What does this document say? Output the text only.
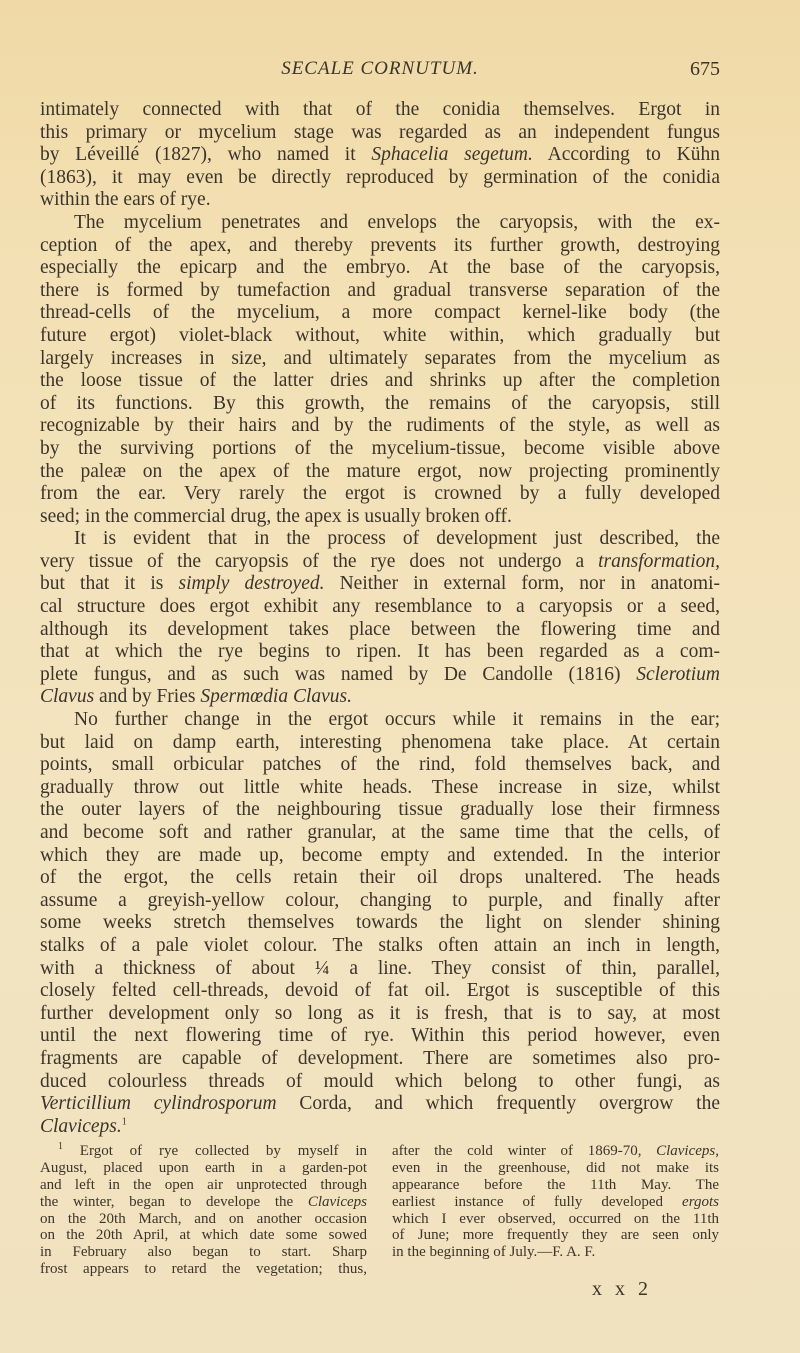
SECALE CORNUTUM.	675
intimately connected with that of the conidia themselves. Ergot in
this primary or mycelium stage was regarded as an independent fungus
by Léveillé (1827), who named it Sphacelia segetum. According to Kühn
(1863), it may even be directly reproduced by germination of the conidia
within the ears of rye.
The mycelium penetrates and envelops the caryopsis, with the ex-
ception of the apex, and thereby prevents its further growth, destroying
especially the epicarp and the embryo. At the base of the caryopsis,
there is formed by tumefaction and gradual transverse separation of the
thread-cells of the mycelium, a more compact kernel-like body (the
future ergot) violet-black without, white within, which gradually but
largely increases in size, and ultimately separates from the mycelium as
the loose tissue of the latter dries and shrinks up after the completion
of its functions. By this growth, the remains of the caryopsis, still
recognizable by their hairs and by the rudiments of the style, as well as
by the surviving portions of the mycelium-tissue, become visible above
the paleæ on the apex of the mature ergot, now projecting prominently
from the ear. Very rarely the ergot is crowned by a fully developed
seed; in the commercial drug, the apex is usually broken off.
It is evident that in the process of development just described, the
very tissue of the caryopsis of the rye does not undergo a transformation,
but that it is simply destroyed. Neither in external form, nor in anatomi-
cal structure does ergot exhibit any resemblance to a caryopsis or a seed,
although its development takes place between the flowering time and
that at which the rye begins to ripen. It has been regarded as a com-
plete fungus, and as such was named by De Candolle (1816) Sclerotium
Clavus and by Fries Spermœdia Clavus.
No further change in the ergot occurs while it remains in the ear;
but laid on damp earth, interesting phenomena take place. At certain
points, small orbicular patches of the rind, fold themselves back, and
gradually throw out little white heads. These increase in size, whilst
the outer layers of the neighbouring tissue gradually lose their firmness
and become soft and rather granular, at the same time that the cells, of
which they are made up, become empty and extended. In the interior
of the ergot, the cells retain their oil drops unaltered. The heads
assume a greyish-yellow colour, changing to purple, and finally after
some weeks stretch themselves towards the light on slender shining
stalks of a pale violet colour. The stalks often attain an inch in length,
with a thickness of about ¼ a line. They consist of thin, parallel,
closely felted cell-threads, devoid of fat oil. Ergot is susceptible of this
further development only so long as it is fresh, that is to say, at most
until the next flowering time of rye. Within this period however, even
fragments are capable of development. There are sometimes also pro-
duced colourless threads of mould which belong to other fungi, as
Verticillium cylindrosporum Corda, and which frequently overgrow the
Claviceps.$^1$
$^1$ Ergot of rye collected by myself in
August, placed upon earth in a garden-pot
and left in the open air unprotected through
the winter, began to develope the Claviceps
on the 20th March, and on another occasion
on the 20th April, at which date some sowed
in February also began to start. Sharp
frost appears to retard the vegetation; thus,
after the cold winter of 1869-70, Claviceps,
even in the greenhouse, did not make its
appearance before the 11th May. The
earliest instance of fully developed ergots
which I ever observed, occurred on the 11th
of June; more frequently they are seen only
in the beginning of July.—F. A. F.
x x 2
